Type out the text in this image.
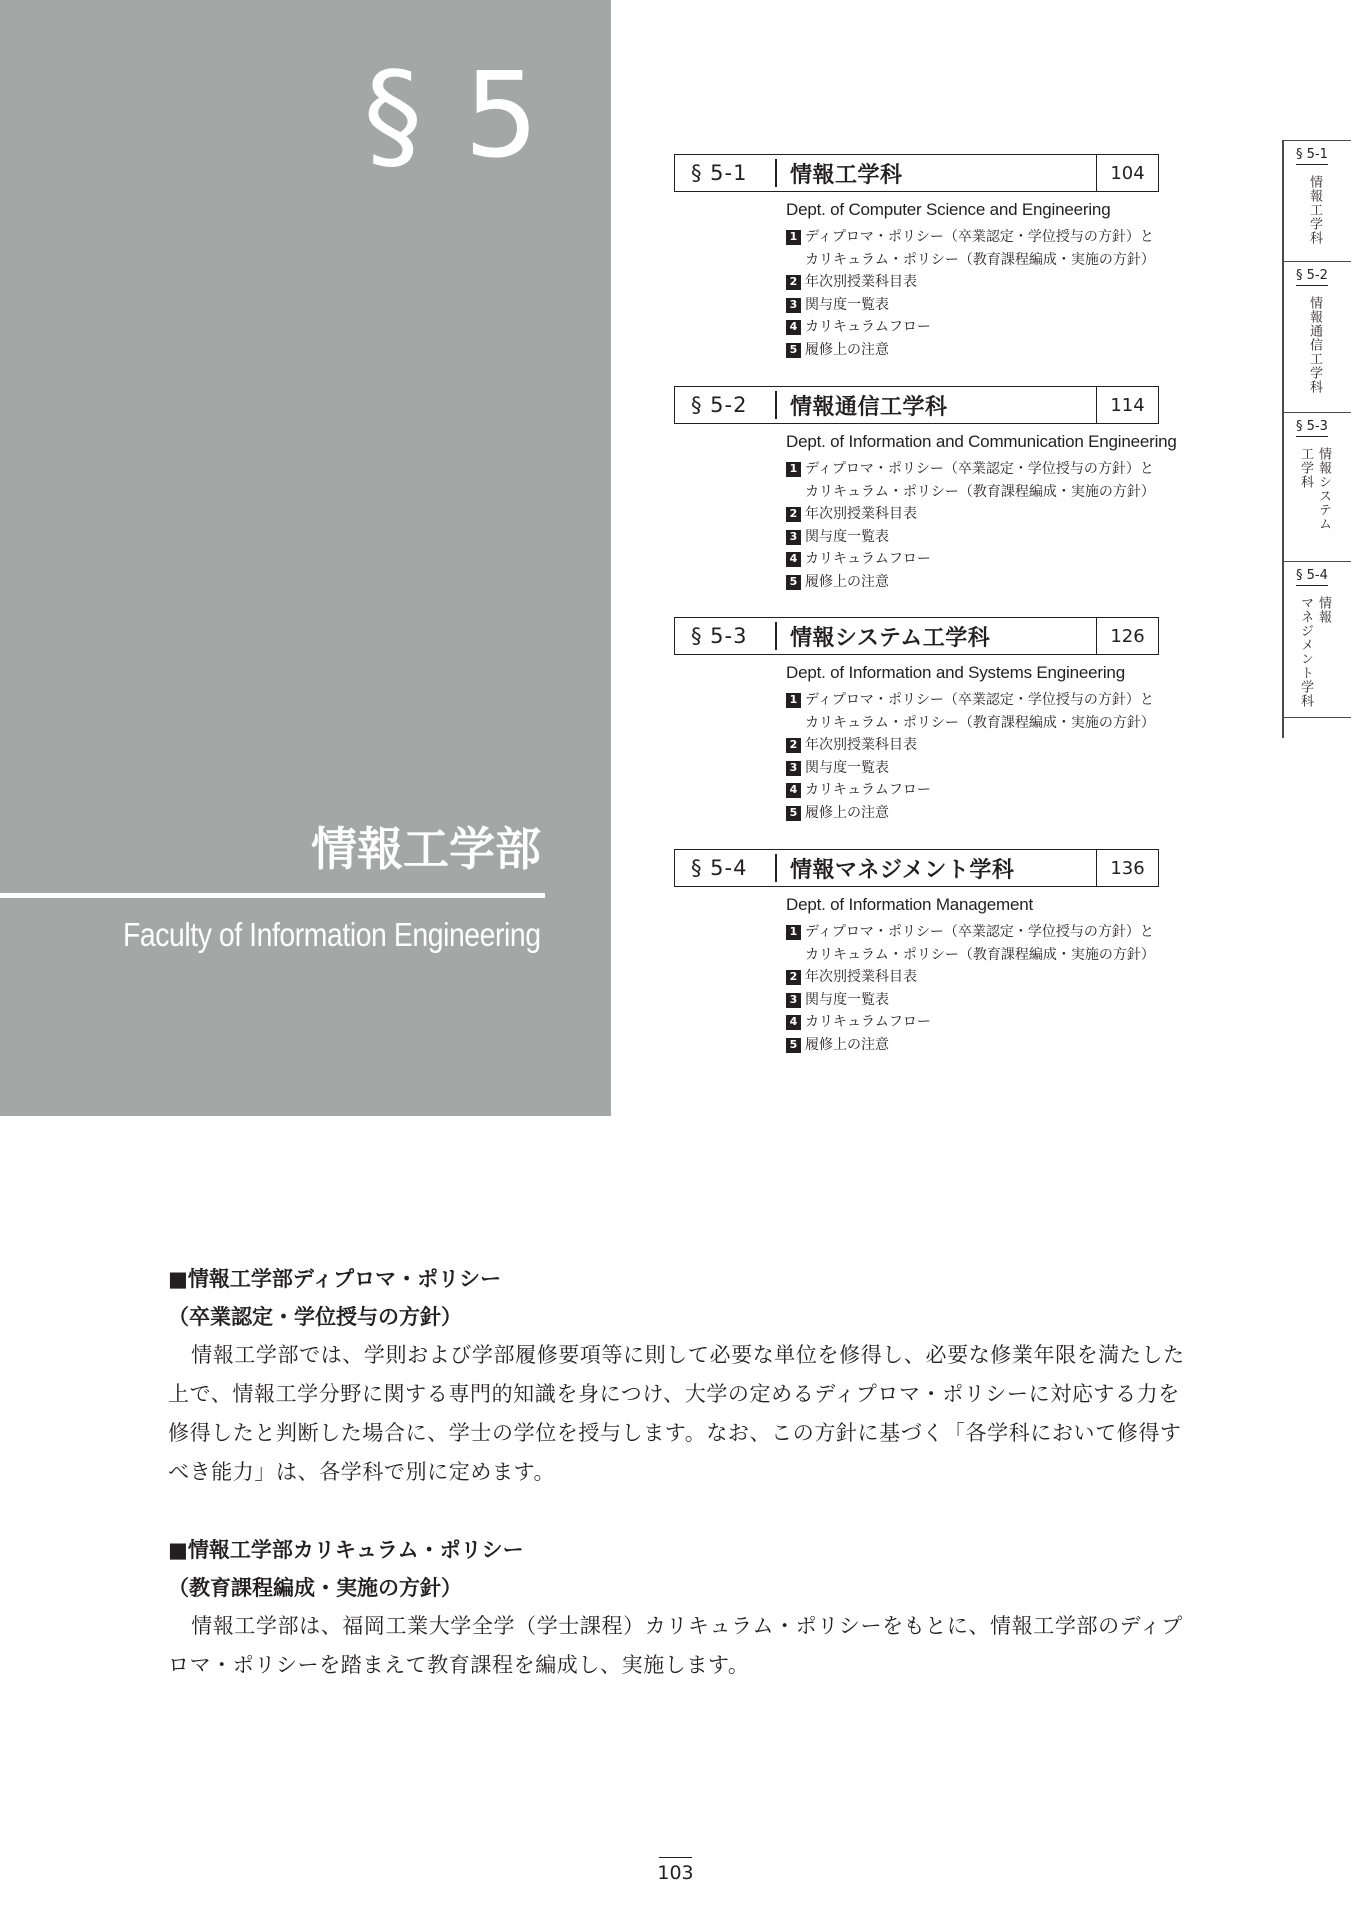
§ 5
情報工学部
Faculty of Information Engineering
§ 5-1	情報工学科	104
Dept. of Computer Science and Engineering
1 ディプロマ・ポリシー（卒業認定・学位授与の方針）と
カリキュラム・ポリシー（教育課程編成・実施の方針）
2 年次別授業科目表
3 関与度一覧表
4 カリキュラムフロー
5 履修上の注意
§ 5-2	情報通信工学科	114
Dept. of Information and Communication Engineering
1 ディプロマ・ポリシー（卒業認定・学位授与の方針）と
カリキュラム・ポリシー（教育課程編成・実施の方針）
2 年次別授業科目表
3 関与度一覧表
4 カリキュラムフロー
5 履修上の注意
§ 5-3	情報システム工学科	126
Dept. of Information and Systems Engineering
1 ディプロマ・ポリシー（卒業認定・学位授与の方針）と
カリキュラム・ポリシー（教育課程編成・実施の方針）
2 年次別授業科目表
3 関与度一覧表
4 カリキュラムフロー
5 履修上の注意
§ 5-4	情報マネジメント学科	136
Dept. of Information Management
1 ディプロマ・ポリシー（卒業認定・学位授与の方針）と
カリキュラム・ポリシー（教育課程編成・実施の方針）
2 年次別授業科目表
3 関与度一覧表
4 カリキュラムフロー
5 履修上の注意
§ 5-1
情報工学科
§ 5-2
情報通信工学科
§ 5-3
情報システム
工学科
§ 5-4
情報
マネジメント学科
■情報工学部ディプロマ・ポリシー
（卒業認定・学位授与の方針）
情報工学部では、学則および学部履修要項等に則して必要な単位を修得し、必要な修業年限を満たした上で、情報工学分野に関する専門的知識を身につけ、大学の定めるディプロマ・ポリシーに対応する力を修得したと判断した場合に、学士の学位を授与します。なお、この方針に基づく「各学科において修得すべき能力」は、各学科で別に定めます。
■情報工学部カリキュラム・ポリシー
（教育課程編成・実施の方針）
情報工学部は、福岡工業大学全学（学士課程）カリキュラム・ポリシーをもとに、情報工学部のディプロマ・ポリシーを踏まえて教育課程を編成し、実施します。
103
